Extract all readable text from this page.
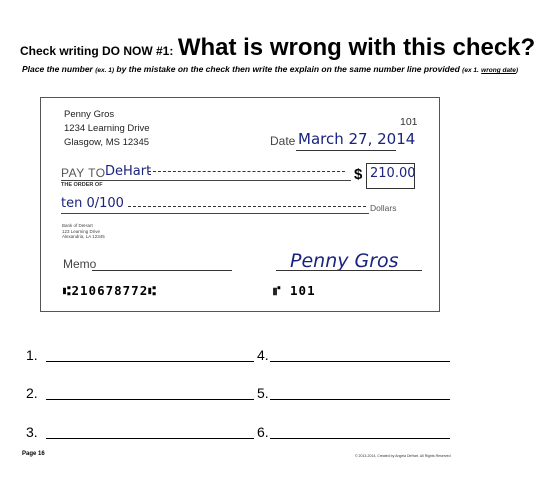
Check writing DO NOW #1: What is wrong with this check?
Place the number (ex. 1) by the mistake on the check then write the explain on the same number line provided (ex 1. wrong date)
Penny Gros
1234 Learning Drive
Glasgow, MS 12345
101
Date March 27, 2014
PAY TO DeHart
THE ORDER OF
$ 210.00
ten 0/100	Dollars
Bank of DeHart
123 Learning Drive
Alexandria, LA 12345
Memo	Penny Gros
⑆210678772⑆	⑈ 101
1.
2.
3.
4.
5.
6.
Page 16	© 2013-2014, Created by Angela DeHart. All Rights Reserved
